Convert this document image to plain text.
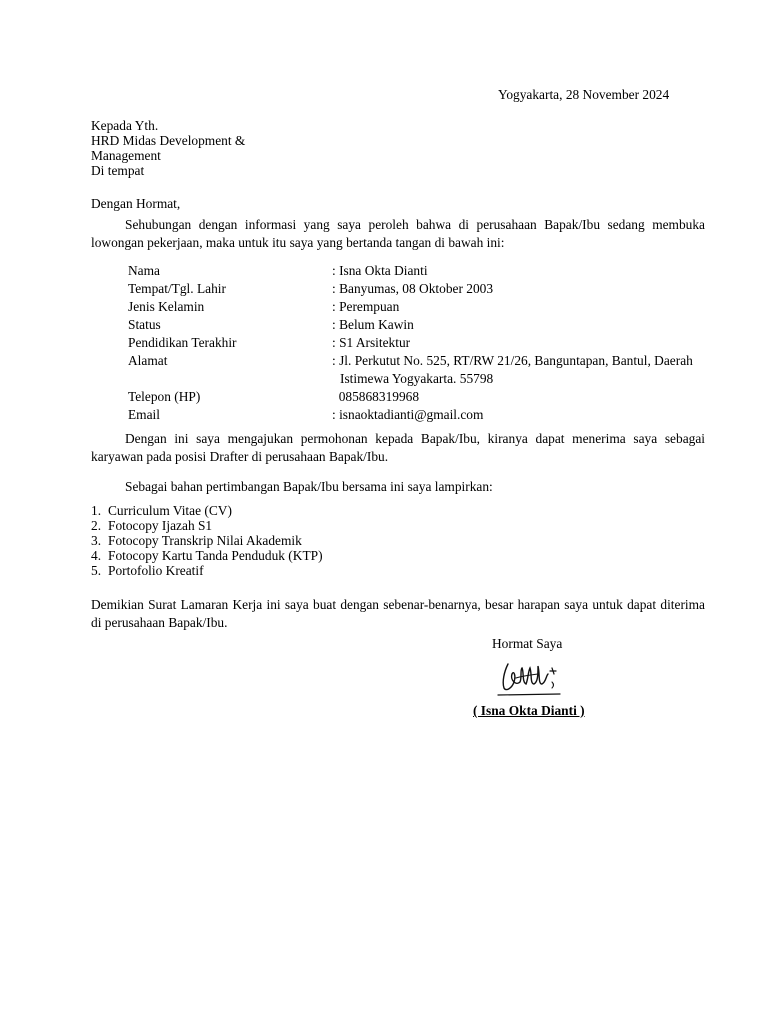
Yogyakarta, 28 November 2024
Kepada Yth.
HRD Midas Development &
Management
Di tempat
Dengan Hormat,
Sehubungan dengan informasi yang saya peroleh bahwa di perusahaan Bapak/Ibu sedang membuka lowongan pekerjaan, maka untuk itu saya yang bertanda tangan di bawah ini:
Nama	: Isna Okta Dianti
Tempat/Tgl. Lahir	: Banyumas, 08 Oktober 2003
Jenis Kelamin	: Perempuan
Status	: Belum Kawin
Pendidikan Terakhir	: S1 Arsitektur
Alamat	: Jl. Perkutut No. 525, RT/RW 21/26, Banguntapan, Bantul, Daerah Istimewa Yogyakarta. 55798

Telepon (HP)	085868319968
Email	: isnaoktadianti@gmail.com
Dengan ini saya mengajukan permohonan kepada Bapak/Ibu, kiranya dapat menerima saya sebagai karyawan pada posisi Drafter di perusahaan Bapak/Ibu.
Sebagai bahan pertimbangan Bapak/Ibu bersama ini saya lampirkan:
1. Curriculum Vitae (CV)
2. Fotocopy Ijazah S1
3. Fotocopy Transkrip Nilai Akademik
4. Fotocopy Kartu Tanda Penduduk (KTP)
5. Portofolio Kreatif
Demikian Surat Lamaran Kerja ini saya buat dengan sebenar-benarnya, besar harapan saya untuk dapat diterima di perusahaan Bapak/Ibu.
Hormat Saya
( Isna Okta Dianti )
